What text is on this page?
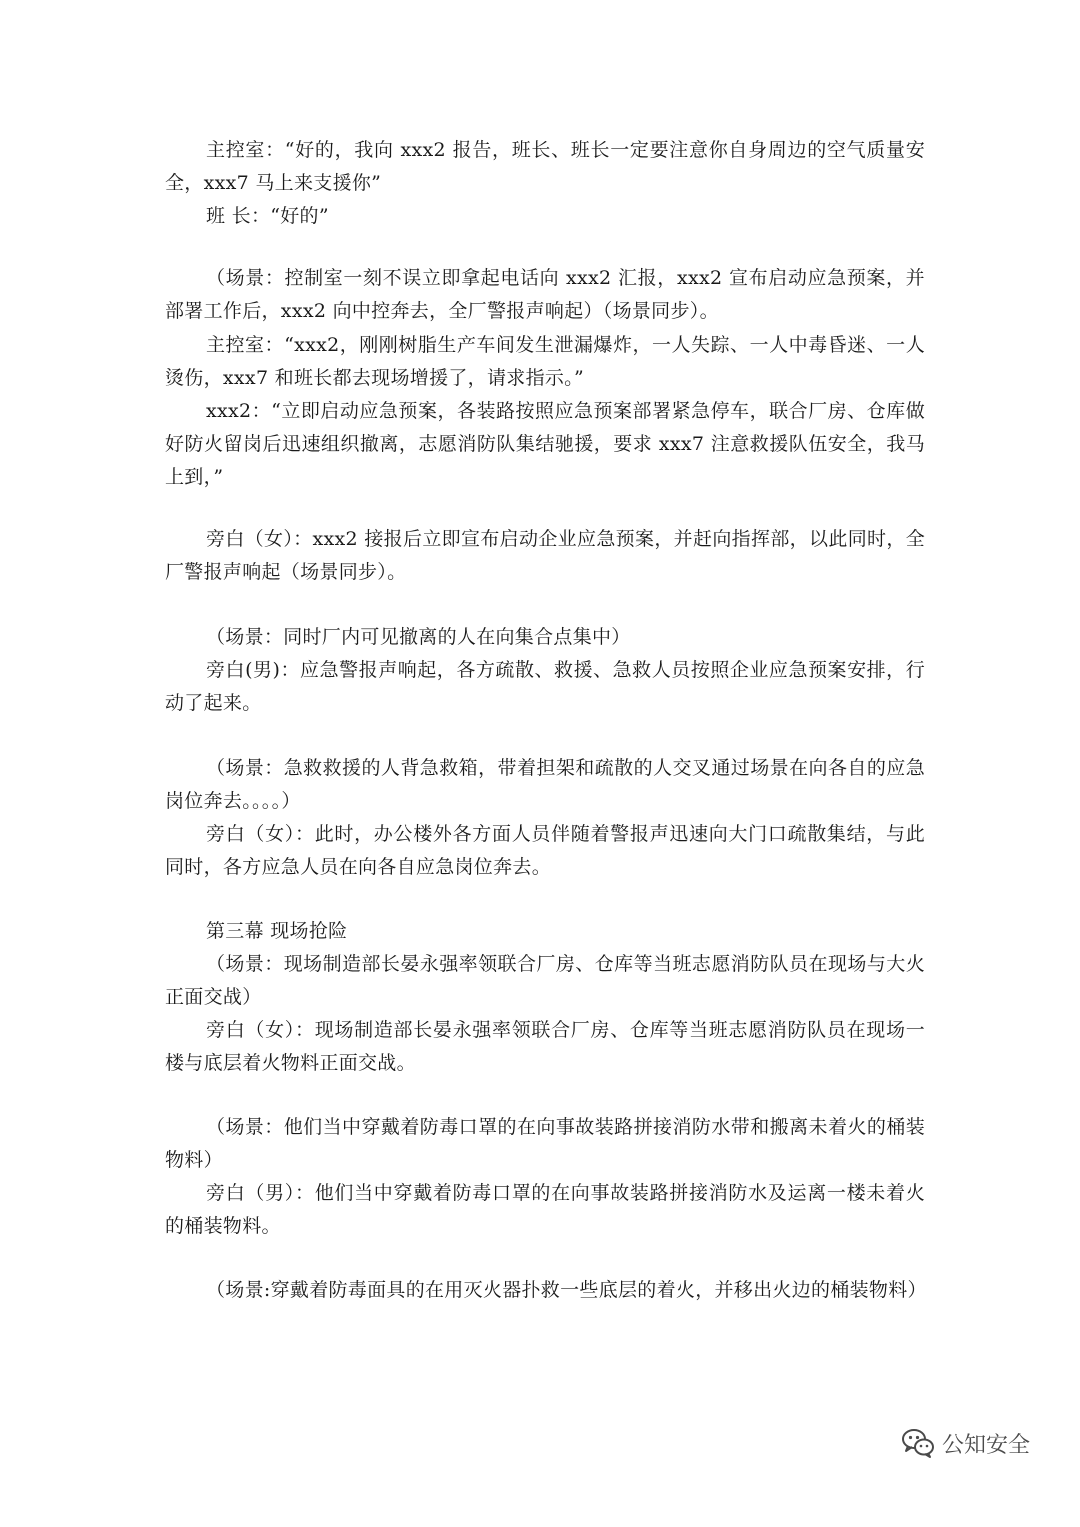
主控室：“好的，我向 xxx2 报告，班长、班长一定要注意你自身周边的空气质量安全，xxx7 马上来支援你”

班 长：“好的”

（场景：控制室一刻不误立即拿起电话向 xxx2 汇报，xxx2 宣布启动应急预案，并部署工作后，xxx2 向中控奔去，全厂警报声响起）（场景同步）。

主控室：“xxx2，刚刚树脂生产车间发生泄漏爆炸，一人失踪、一人中毒昏迷、一人烫伤，xxx7 和班长都去现场增援了，请求指示。”

xxx2：“立即启动应急预案，各装路按照应急预案部署紧急停车，联合厂房、仓库做好防火留岗后迅速组织撤离，志愿消防队集结驰援，要求 xxx7 注意救援队伍安全，我马上到，”

旁白（女）：xxx2 接报后立即宣布启动企业应急预案，并赶向指挥部，以此同时，全厂警报声响起（场景同步）。

（场景：同时厂内可见撤离的人在向集合点集中）

旁白(男)：应急警报声响起，各方疏散、救援、急救人员按照企业应急预案安排，行动了起来。

（场景：急救救援的人背急救箱，带着担架和疏散的人交叉通过场景在向各自的应急岗位奔去。。。。）

旁白（女）：此时，办公楼外各方面人员伴随着警报声迅速向大门口疏散集结，与此同时，各方应急人员在向各自应急岗位奔去。

第三幕 现场抢险

（场景：现场制造部长晏永强率领联合厂房、仓库等当班志愿消防队员在现场与大火正面交战）

旁白（女）：现场制造部长晏永强率领联合厂房、仓库等当班志愿消防队员在现场一楼与底层着火物料正面交战。

（场景：他们当中穿戴着防毒口罩的在向事故装路拼接消防水带和搬离未着火的桶装物料）

旁白（男）：他们当中穿戴着防毒口罩的在向事故装路拼接消防水及运离一楼未着火的桶装物料。

（场景:穿戴着防毒面具的在用灭火器扑救一些底层的着火，并移出火边的桶装物料）

公知安全
